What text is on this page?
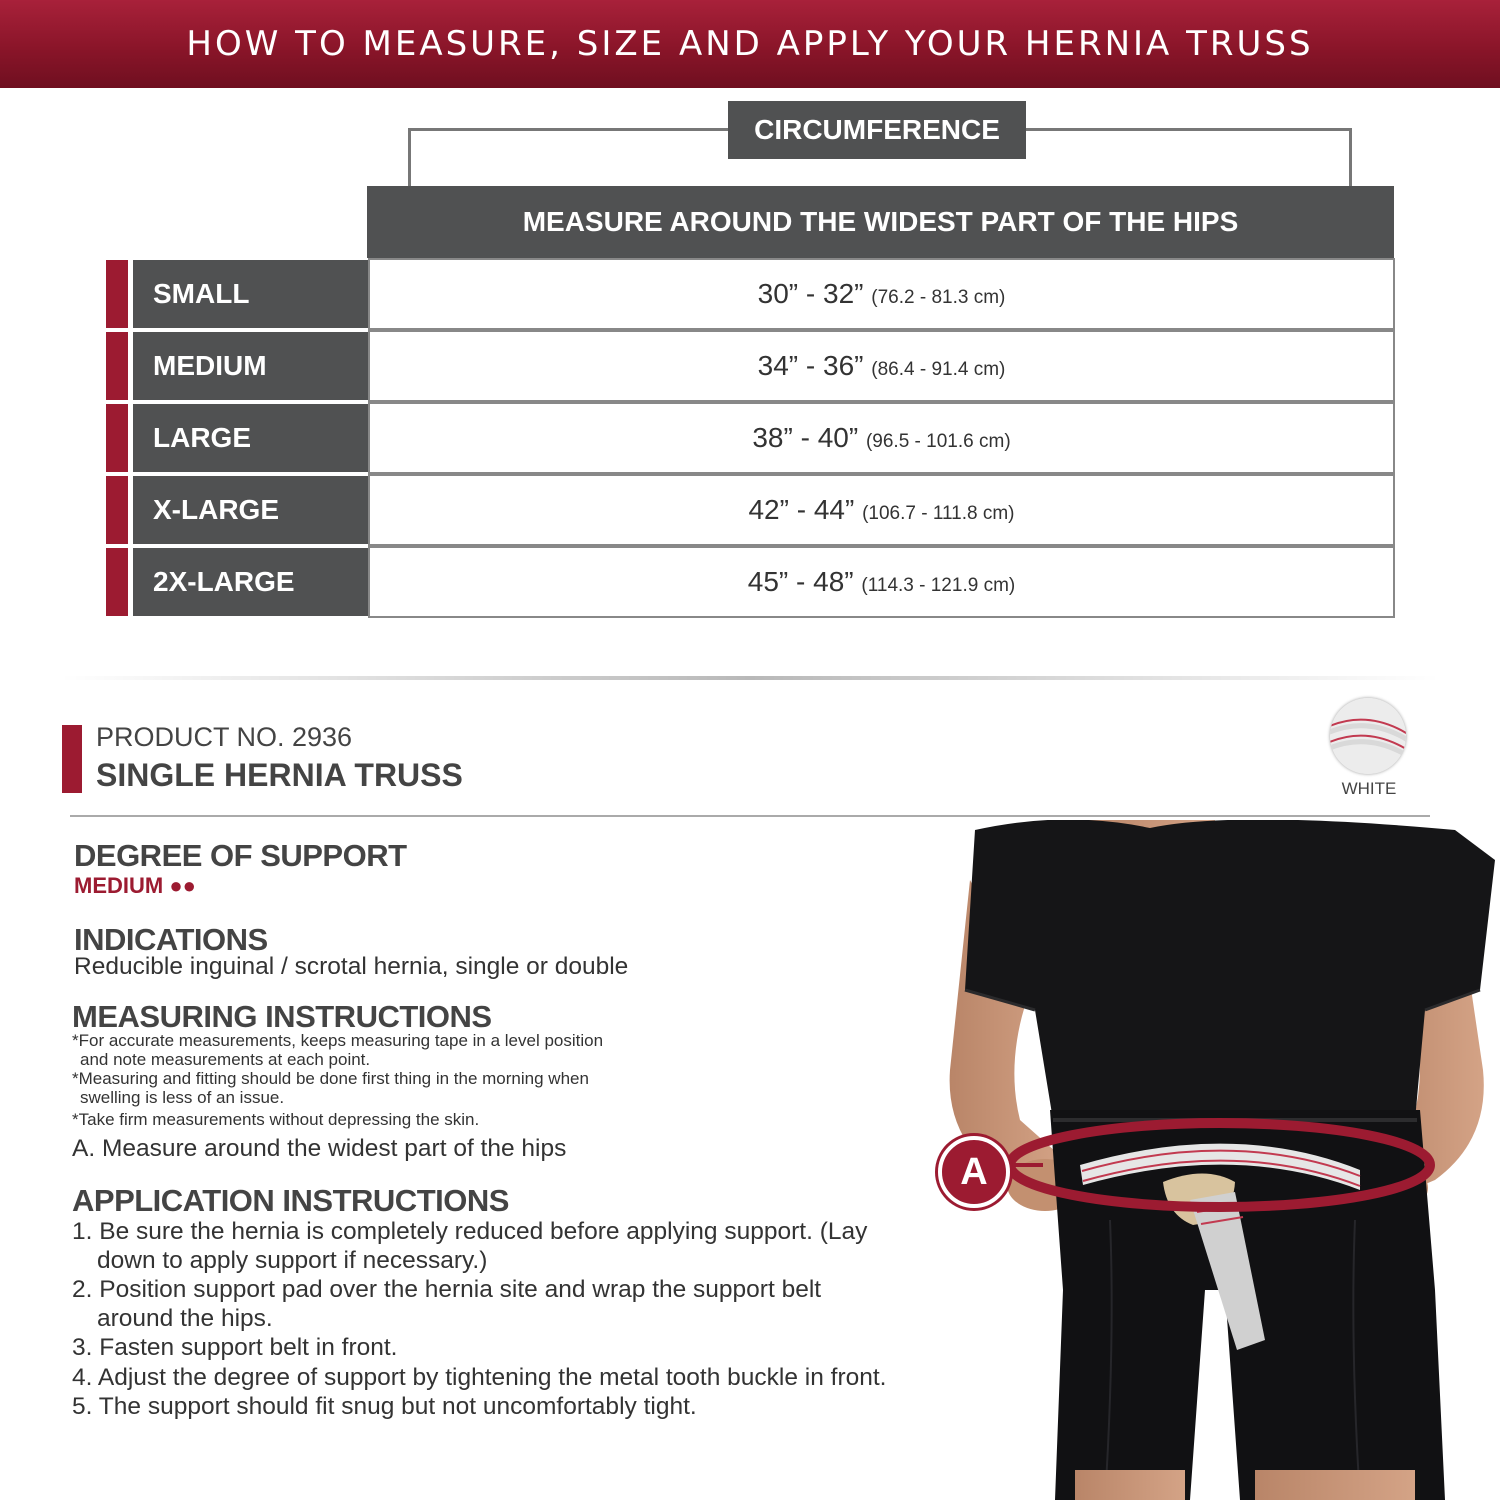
HOW TO MEASURE, SIZE AND APPLY YOUR HERNIA TRUSS
CIRCUMFERENCE
MEASURE AROUND THE WIDEST PART OF THE HIPS
SMALL	30” - 32” (76.2 - 81.3 cm)
MEDIUM	34” - 36” (86.4 - 91.4 cm)
LARGE	38” - 40” (96.5 - 101.6 cm)
X-LARGE	42” - 44” (106.7 - 111.8 cm)
2X-LARGE	45” - 48” (114.3 - 121.9 cm)
PRODUCT NO. 2936
SINGLE HERNIA TRUSS	WHITE
DEGREE OF SUPPORT
MEDIUM ●●
INDICATIONS
Reducible inguinal / scrotal hernia, single or double
MEASURING INSTRUCTIONS
*For accurate measurements, keeps measuring tape in a level position
and note measurements at each point.
*Measuring and fitting should be done first thing in the morning when
swelling is less of an issue.
*Take firm measurements without depressing the skin.
A. Measure around the widest part of the hips
APPLICATION INSTRUCTIONS
1. Be sure the hernia is completely reduced before applying support. (Lay
down to apply support if necessary.)
2. Position support pad over the hernia site and wrap the support belt
around the hips.
3. Fasten support belt in front.
4. Adjust the degree of support by tightening the metal tooth buckle in front.
5. The support should fit snug but not uncomfortably tight.
A
